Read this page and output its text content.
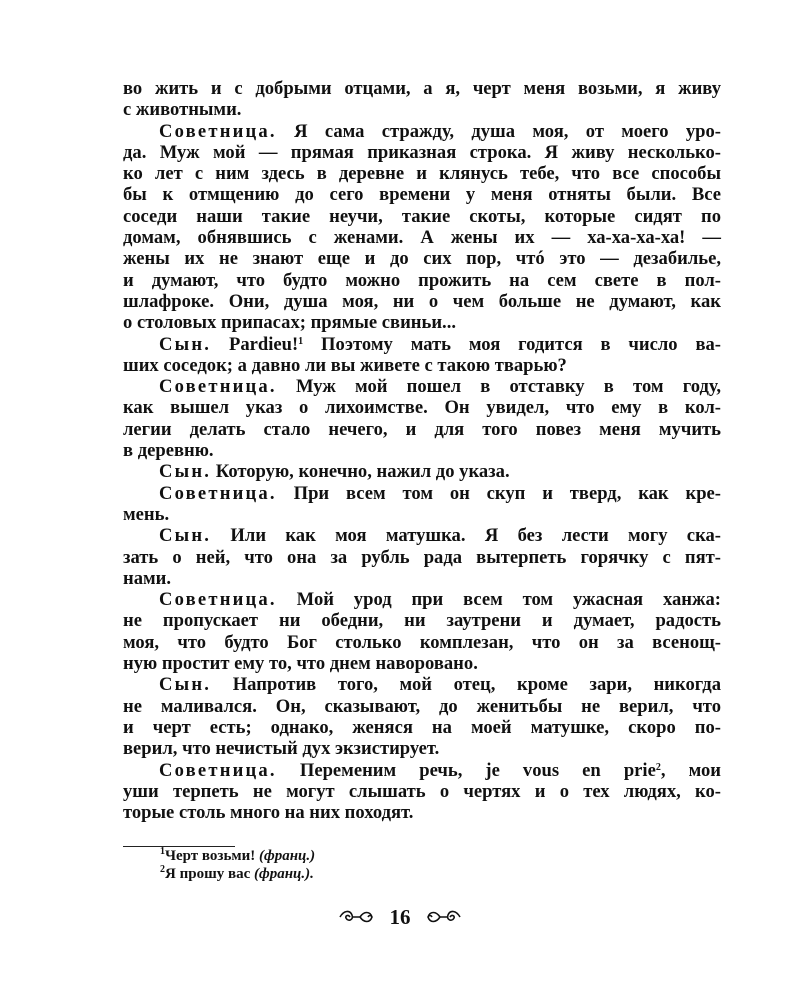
во жить и с добрыми отцами, а я, черт меня возьми, я живу
с животными.
Советница. Я сама стражду, душа моя, от моего уро-
да. Муж мой — прямая приказная строка. Я живу несколько-
ко лет с ним здесь в деревне и клянусь тебе, что все способы
бы к отмщению до сего времени у меня отняты были. Все
соседи наши такие неучи, такие скоты, которые сидят по
домам, обнявшись с женами. А жены их — ха-ха-ха-ха! —
жены их не знают еще и до сих пор, чтó это — дезабилье,
и думают, что будто можно прожить на сем свете в пол-
шлафроке. Они, душа моя, ни о чем больше не думают, как
о столовых припасах; прямые свиньи...
Сын. Pardieu!$^1$ Поэтому мать моя годится в число ва-
ших соседок; а давно ли вы живете с такою тварью?
Советница. Муж мой пошел в отставку в том году,
как вышел указ о лихоимстве. Он увидел, что ему в кол-
легии делать стало нечего, и для того повез меня мучить
в деревню.
Сын. Которую, конечно, нажил до указа.
Советница. При всем том он скуп и тверд, как кре-
мень.
Сын. Или как моя матушка. Я без лести могу ска-
зать о ней, что она за рубль рада вытерпеть горячку с пят-
нами.
Советница. Мой урод при всем том ужасная ханжа:
не пропускает ни обедни, ни заутрени и думает, радость
моя, что будто Бог столько комплезан, что он за всенощ-
ную простит ему то, что днем наворовано.
Сын. Напротив того, мой отец, кроме зари, никогда
не маливался. Он, сказывают, до женитьбы не верил, что
и черт есть; однако, женяся на моей матушке, скоро по-
верил, что нечистый дух экзистирует.
Советница. Переменим речь, je vous en prie$^2$, мои
уши терпеть не могут слышать о чертях и о тех людях, ко-
торые столь много на них походят.
$^1$Черт возьми! (франц.)
$^2$Я прошу вас (франц.).
16
